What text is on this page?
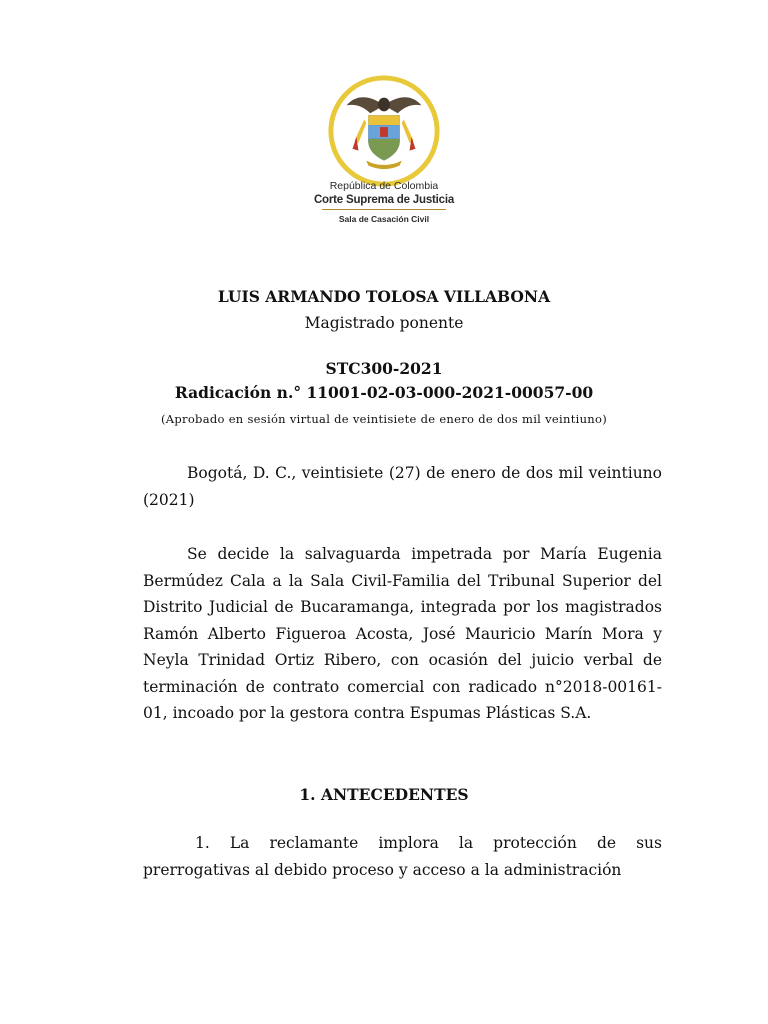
República de Colombia
Corte Suprema de Justicia
Sala de Casación Civil
LUIS ARMANDO TOLOSA VILLABONA
Magistrado ponente
STC300-2021
Radicación n.° 11001-02-03-000-2021-00057-00
(Aprobado en sesión virtual de veintisiete de enero de dos mil veintiuno)

Bogotá, D. C., veintisiete (27) de enero de dos mil veintiuno (2021)

Se decide la salvaguarda impetrada por María Eugenia Bermúdez Cala a la Sala Civil-Familia del Tribunal Superior del Distrito Judicial de Bucaramanga, integrada por los magistrados Ramón Alberto Figueroa Acosta, José Mauricio Marín Mora y Neyla Trinidad Ortiz Ribero, con ocasión del juicio verbal de terminación de contrato comercial con radicado n°2018-00161-01, incoado por la gestora contra Espumas Plásticas S.A.

1. ANTECEDENTES

1. La reclamante implora la protección de sus prerrogativas al debido proceso y acceso a la administración
